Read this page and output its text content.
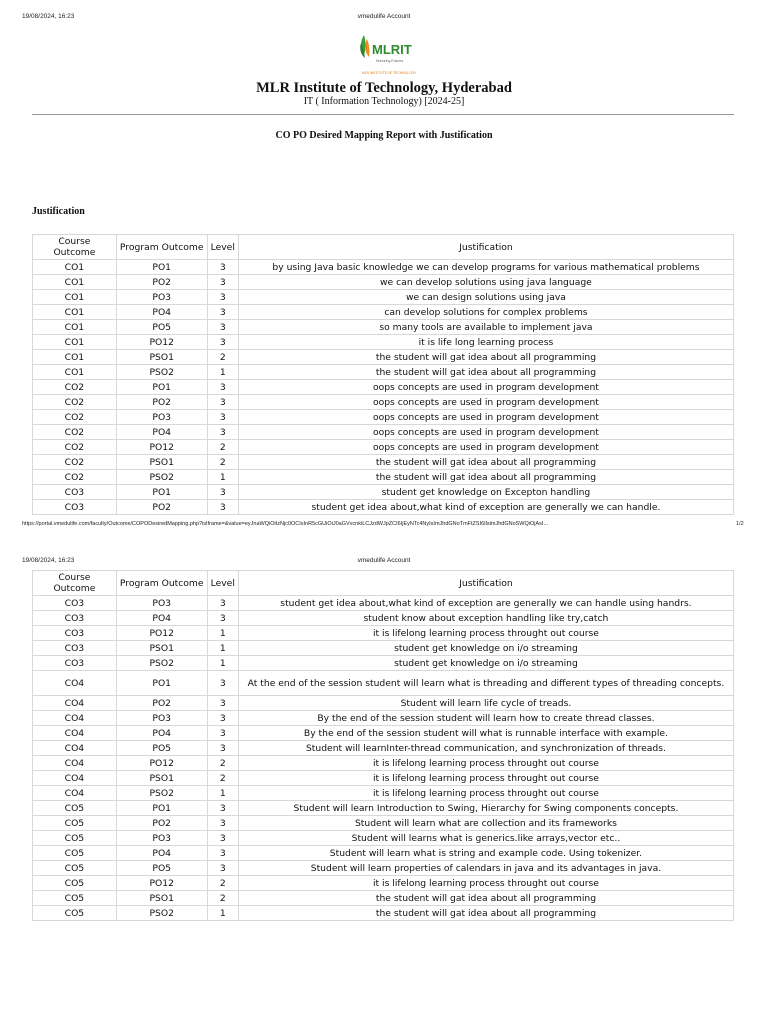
19/08/2024, 16:23	vmedulife Account
MLRIT
Nurturing Futures
MLR INSTITUTE OF TECHNOLOGY
MLR Institute of Technology, Hyderabad
IT ( Information Technology) [2024-25]
CO PO Desired Mapping Report with Justification
Justification
Course Outcome	Program Outcome	Level	Justification
CO1	PO1	3	by using Java basic knowledge we can develop programs for various mathematical problems
CO1	PO2	3	we can develop solutions using java language
CO1	PO3	3	we can design solutions using java
CO1	PO4	3	can develop solutions for complex problems
CO1	PO5	3	so many tools are available to implement java
CO1	PO12	3	it is life long learning process
CO1	PSO1	2	the student will gat idea about all programming
CO1	PSO2	1	the student will gat idea about all programming
CO2	PO1	3	oops concepts are used in program development
CO2	PO2	3	oops concepts are used in program development
CO2	PO3	3	oops concepts are used in program development
CO2	PO4	3	oops concepts are used in program development
CO2	PO12	2	oops concepts are used in program development
CO2	PSO1	2	the student will gat idea about all programming
CO2	PSO2	1	the student will gat idea about all programming
CO3	PO1	3	student get knowledge on Excepton handling
CO3	PO2	3	student get idea about,what kind of exception are generally we can handle.
https://portal.vmedulife.com/faculty/Outcome/COPODesiredMapping.php?isIframe=&value=eyJnaWQiOiIzNjc0OCIsInR5cGUiOiJ0aGVvcnkiLCJzdWJpZCI6IjEyNTc4NyIsImJhdGNoTmFtZSI6IlsimJhdGNoSWQiOjAsI...	1/2
19/08/2024, 16:23	vmedulife Account
Course Outcome	Program Outcome	Level	Justification
CO3	PO3	3	student get idea about,what kind of exception are generally we can handle using handrs.
CO3	PO4	3	student know about exception handling like try,catch
CO3	PO12	1	it is lifelong learning process throught out course
CO3	PSO1	1	student get knowledge on i/o streaming
CO3	PSO2	1	student get knowledge on i/o streaming
CO4	PO1	3	At the end of the session student will learn what is threading and different types of threading concepts.
CO4	PO2	3	Student will learn life cycle of treads.
CO4	PO3	3	By the end of the session student will learn how to create thread classes.
CO4	PO4	3	By the end of the session student will what is runnable interface with example.
CO4	PO5	3	Student will learnInter-thread communication, and synchronization of threads.
CO4	PO12	2	it is lifelong learning process throught out course
CO4	PSO1	2	it is lifelong learning process throught out course
CO4	PSO2	1	it is lifelong learning process throught out course
CO5	PO1	3	Student will learn Introduction to Swing, Hierarchy for Swing components concepts.
CO5	PO2	3	Student will learn what are collection and its frameworks
CO5	PO3	3	Student will learns what is generics.like arrays,vector etc..
CO5	PO4	3	Student will learn what is string and example code. Using tokenizer.
CO5	PO5	3	Student will learn properties of calendars in java and its advantages in java.
CO5	PO12	2	it is lifelong learning process throught out course
CO5	PSO1	2	the student will gat idea about all programming
CO5	PSO2	1	the student will gat idea about all programming
